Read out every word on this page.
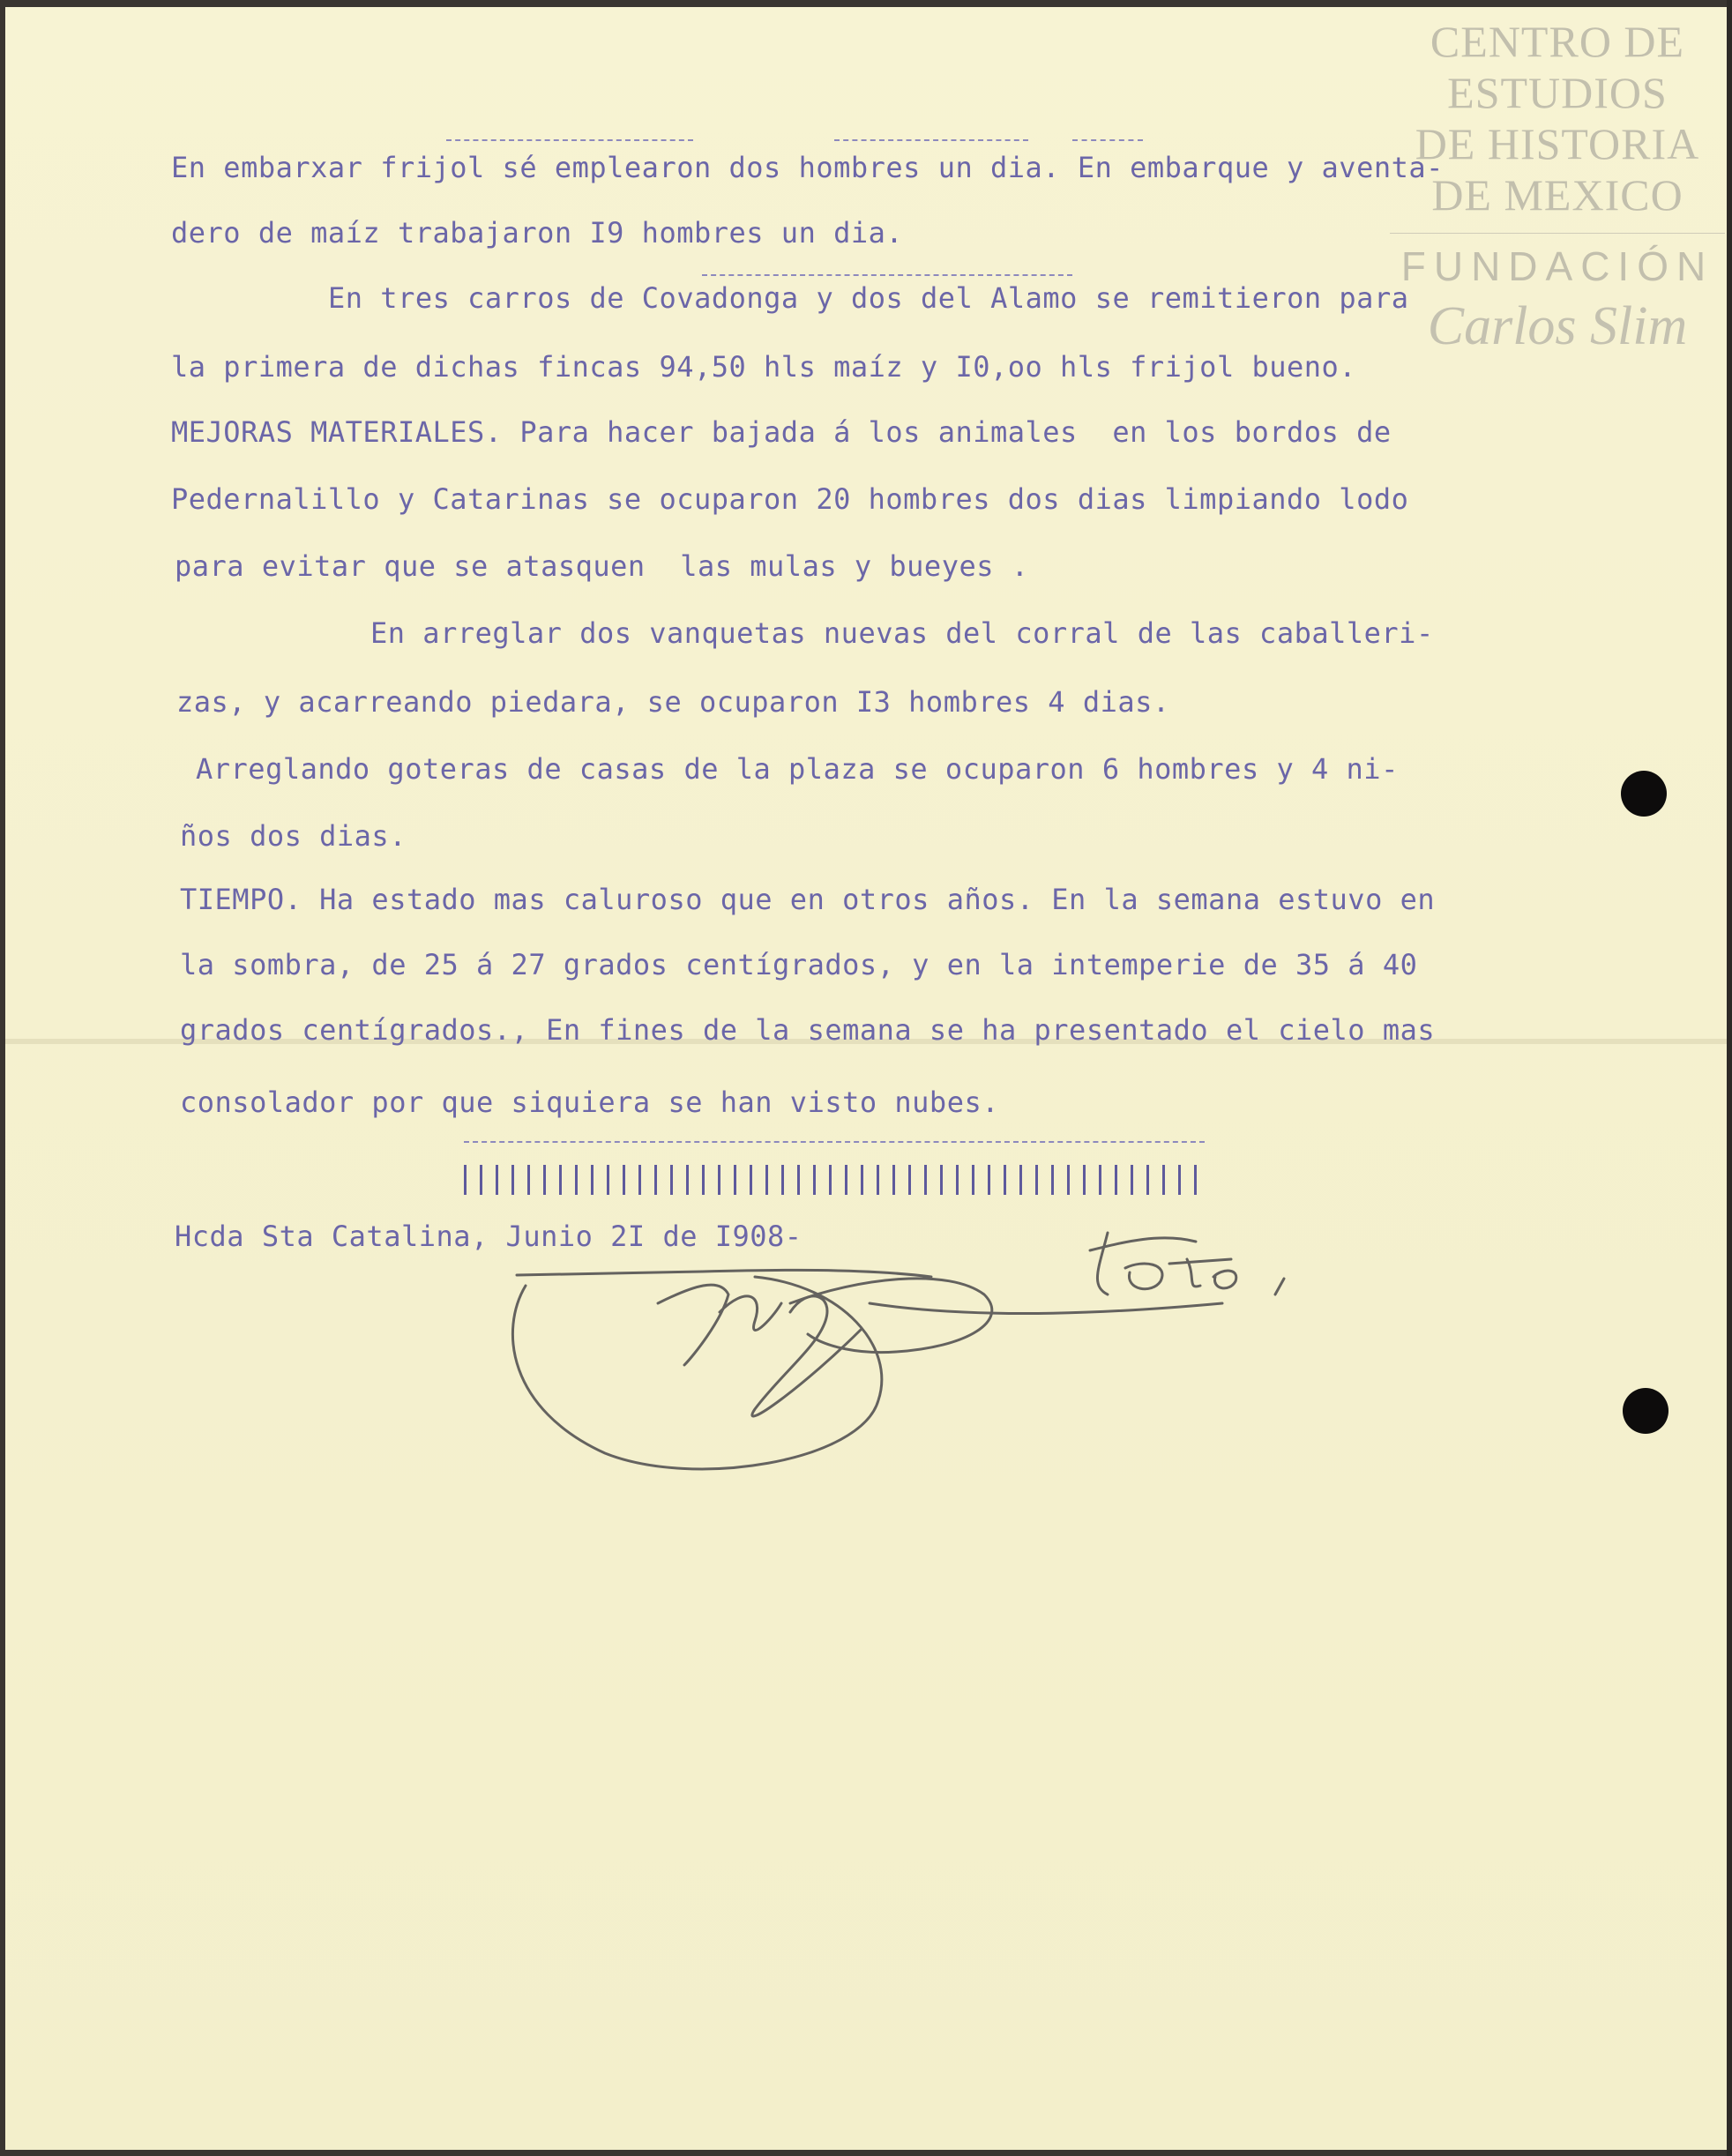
CENTRO DE
ESTUDIOS
DE HISTORIA
DE MEXICO
FUNDACIÓN
Carlos Slim
En embarxar frijol sé emplearon dos hombres un dia. En embarque y aventa-
dero de maíz trabajaron I9 hombres un dia.
En tres carros de Covadonga y dos del Alamo se remitieron para
la primera de dichas fincas 94,50 hls maíz y I0,oo hls frijol bueno.
MEJORAS MATERIALES. Para hacer bajada á los animales  en los bordos de
Pedernalillo y Catarinas se ocuparon 20 hombres dos dias limpiando lodo
para evitar que se atasquen  las mulas y bueyes .
En arreglar dos vanquetas nuevas del corral de las caballeri-
zas, y acarreando piedara, se ocuparon I3 hombres 4 dias.
Arreglando goteras de casas de la plaza se ocuparon 6 hombres y 4 ni-
ños dos dias.
TIEMPO. Ha estado mas caluroso que en otros años. En la semana estuvo en
la sombra, de 25 á 27 grados centígrados, y en la intemperie de 35 á 40
grados centígrados., En fines de la semana se ha presentado el cielo mas
consolador por que siquiera se han visto nubes.
Hcda Sta Catalina, Junio 2I de I908-
